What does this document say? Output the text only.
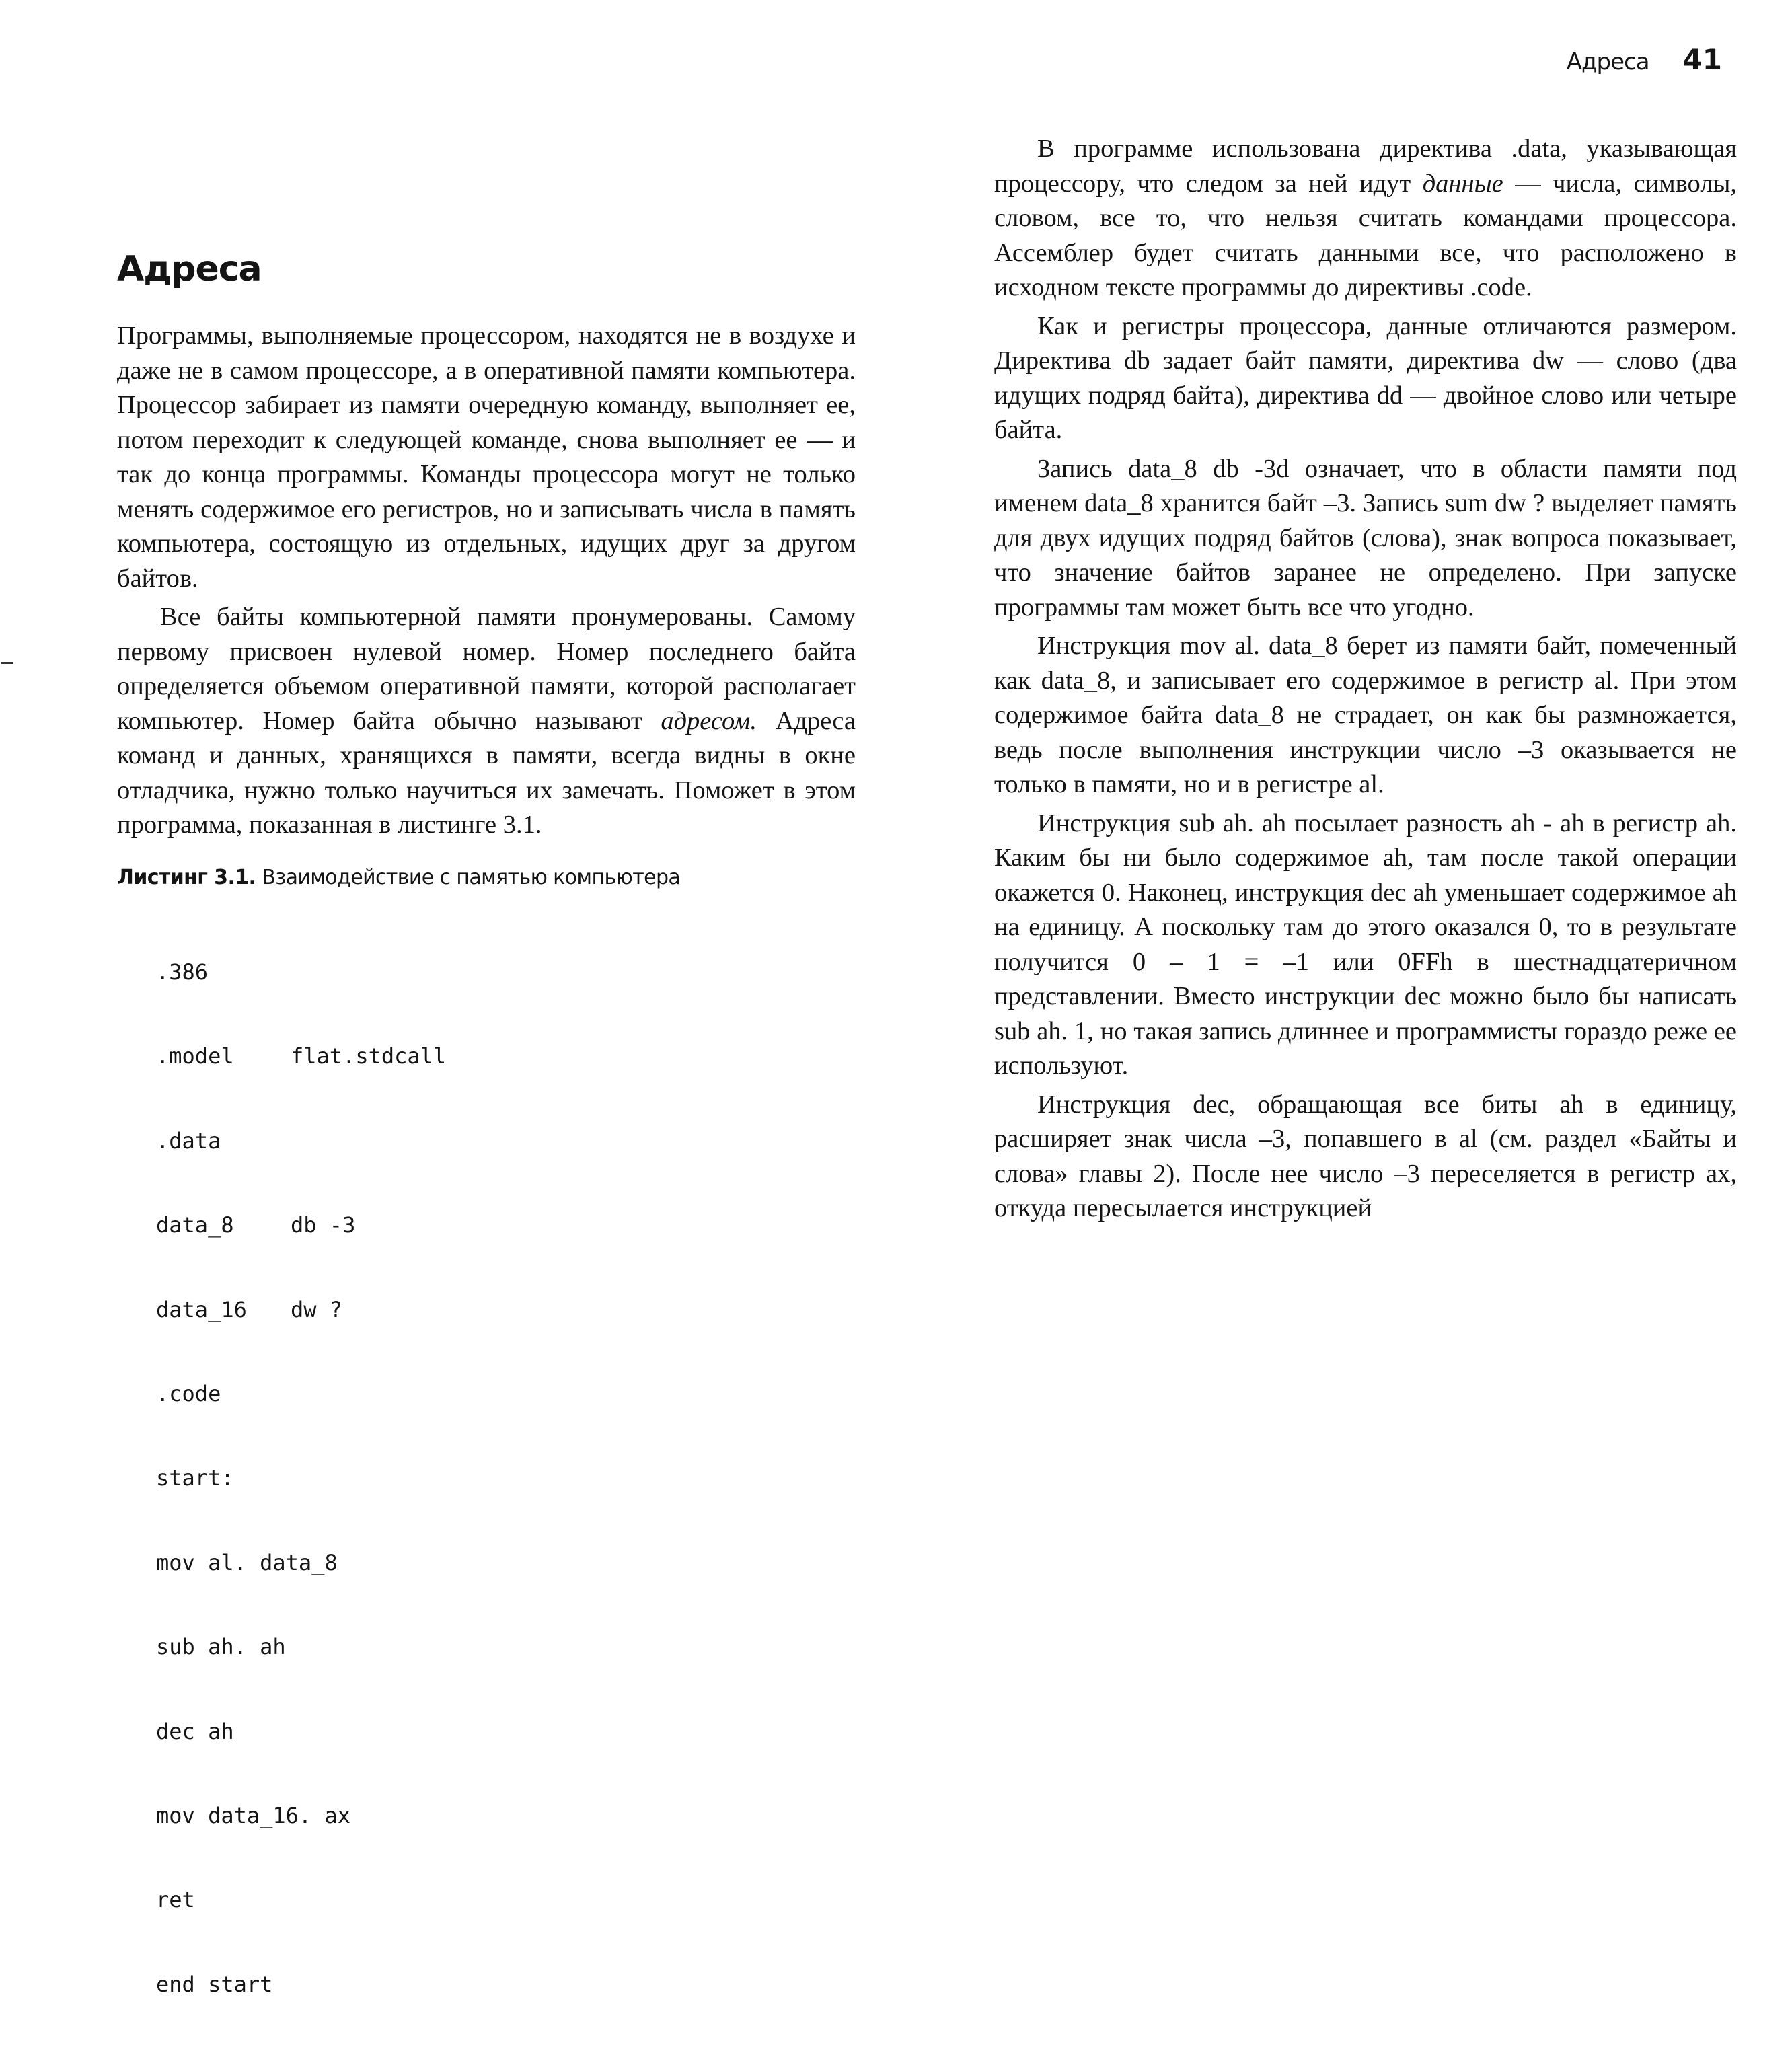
Адреса 41
Адреса

Программы, выполняемые процессором, находятся не в воздухе и даже не в самом процессоре, а в оперативной памяти компьютера. Процессор забирает из памяти очередную команду, выполняет ее, потом переходит к следующей команде, снова выполняет ее — и так до конца программы. Команды процессора могут не только менять содержимое его регистров, но и записывать числа в память компьютера, состоящую из отдельных, идущих друг за другом байтов.

Все байты компьютерной памяти пронумерованы. Самому первому присвоен нулевой номер. Номер последнего байта определяется объемом оперативной памяти, которой располагает компьютер. Номер байта обычно называют адресом. Адреса команд и данных, хранящихся в памяти, всегда видны в окне отладчика, нужно только научиться их замечать. Поможет в этом программа, показанная в листинге 3.1.

Листинг 3.1. Взаимодействие с памятью компьютера

.386

.model	flat.stdcall

.data

data_8	db -3

data_16 dw ?

.code

start:

mov al. data_8

sub ah. ah

dec ah

mov data_16. ax

ret

end start

В программе использована директива .data, указывающая процессору, что следом за ней идут данные — числа, символы, словом, все то, что нельзя считать командами процессора. Ассемблер будет считать данными все, что расположено в исходном тексте программы до директивы .code.

Как и регистры процессора, данные отличаются размером. Директива db задает байт памяти, директива dw — слово (два идущих подряд байта), директива dd — двойное слово или четыре байта.

Запись data_8 db -3d означает, что в области памяти под именем data_8 хранится байт –3. Запись sum dw ? выделяет память для двух идущих подряд байтов (слова), знак вопроса показывает, что значение байтов заранее не определено. При запуске программы там может быть все что угодно.

Инструкция mov al. data_8 берет из памяти байт, помеченный как data_8, и записывает его содержимое в регистр al. При этом содержимое байта data_8 не страдает, он как бы размножается, ведь после выполнения инструкции число –3 оказывается не только в памяти, но и в регистре al.

Инструкция sub ah. ah посылает разность ah - ah в регистр ah. Каким бы ни было содержимое ah, там после такой операции окажется 0. Наконец, инструкция dec ah уменьшает содержимое ah на единицу. А поскольку там до этого оказался 0, то в результате получится 0 – 1 = –1 или 0FFh в шестнадцатеричном представлении. Вместо инструкции dec можно было бы написать sub ah. 1, но такая запись длиннее и программисты гораздо реже ее используют.

Инструкция dec, обращающая все биты ah в единицу, расширяет знак числа –3, попавшего в al (см. раздел «Байты и слова» главы 2). После нее число –3 переселяется в регистр ax, откуда пересылается инструкцией
